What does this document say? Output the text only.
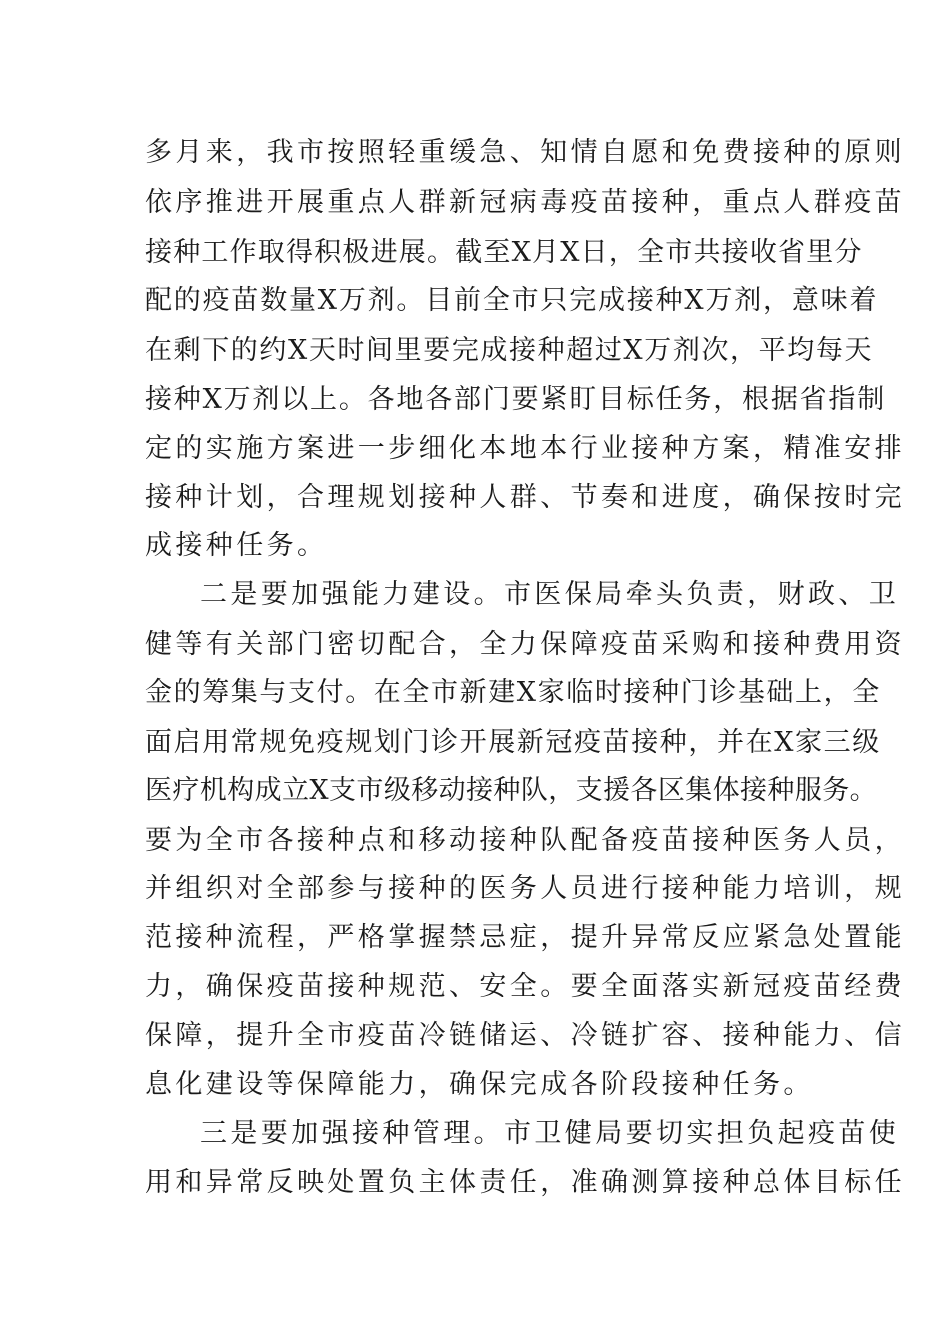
多月来，我市按照轻重缓急、知情自愿和免费接种的原则
依序推进开展重点人群新冠病毒疫苗接种，重点人群疫苗
接种工作取得积极进展。截至X月X日，全市共接收省里分
配的疫苗数量X万剂。目前全市只完成接种X万剂，意味着
在剩下的约X天时间里要完成接种超过X万剂次，平均每天
接种X万剂以上。各地各部门要紧盯目标任务，根据省指制
定的实施方案进一步细化本地本行业接种方案，精准安排
接种计划，合理规划接种人群、节奏和进度，确保按时完
成接种任务。
二是要加强能力建设。市医保局牵头负责，财政、卫
健等有关部门密切配合，全力保障疫苗采购和接种费用资
金的筹集与支付。在全市新建X家临时接种门诊基础上，全
面启用常规免疫规划门诊开展新冠疫苗接种，并在X家三级
医疗机构成立X支市级移动接种队，支援各区集体接种服务。
要为全市各接种点和移动接种队配备疫苗接种医务人员，
并组织对全部参与接种的医务人员进行接种能力培训，规
范接种流程，严格掌握禁忌症，提升异常反应紧急处置能
力，确保疫苗接种规范、安全。要全面落实新冠疫苗经费
保障，提升全市疫苗冷链储运、冷链扩容、接种能力、信
息化建设等保障能力，确保完成各阶段接种任务。
三是要加强接种管理。市卫健局要切实担负起疫苗使
用和异常反映处置负主体责任，准确测算接种总体目标任
